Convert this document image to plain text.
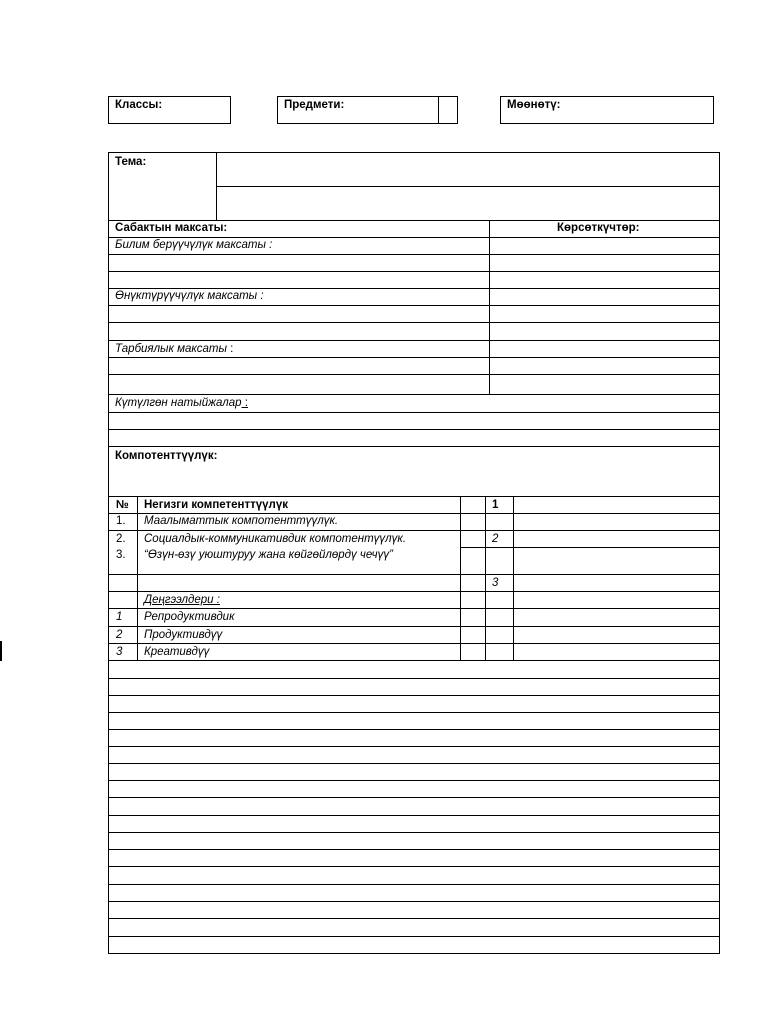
Классы:	Предмети:	Мөөнөтү:
Тема:
Сабактын максаты:	Көрсөткүчтөр:
Билим берүүчүлүк максаты :
Өнүктүрүүчүлүк максаты :
Тарбиялык максаты :
Күтүлгөн натыйжалар :
Компотенттүүлүк:
№ Негизги компетенттүүлүк	1
1. Маалыматтык компотенттүүлүк.
2. Социалдык-коммуникативдик компотентүүлүк.	2
3. “Өзүн-өзү уюштуруу жана көйгөйлөрдү чечүү”
3
Деңгээлдери :
1 Репродуктивдик
2 Продуктивдүү
3 Креативдүү
